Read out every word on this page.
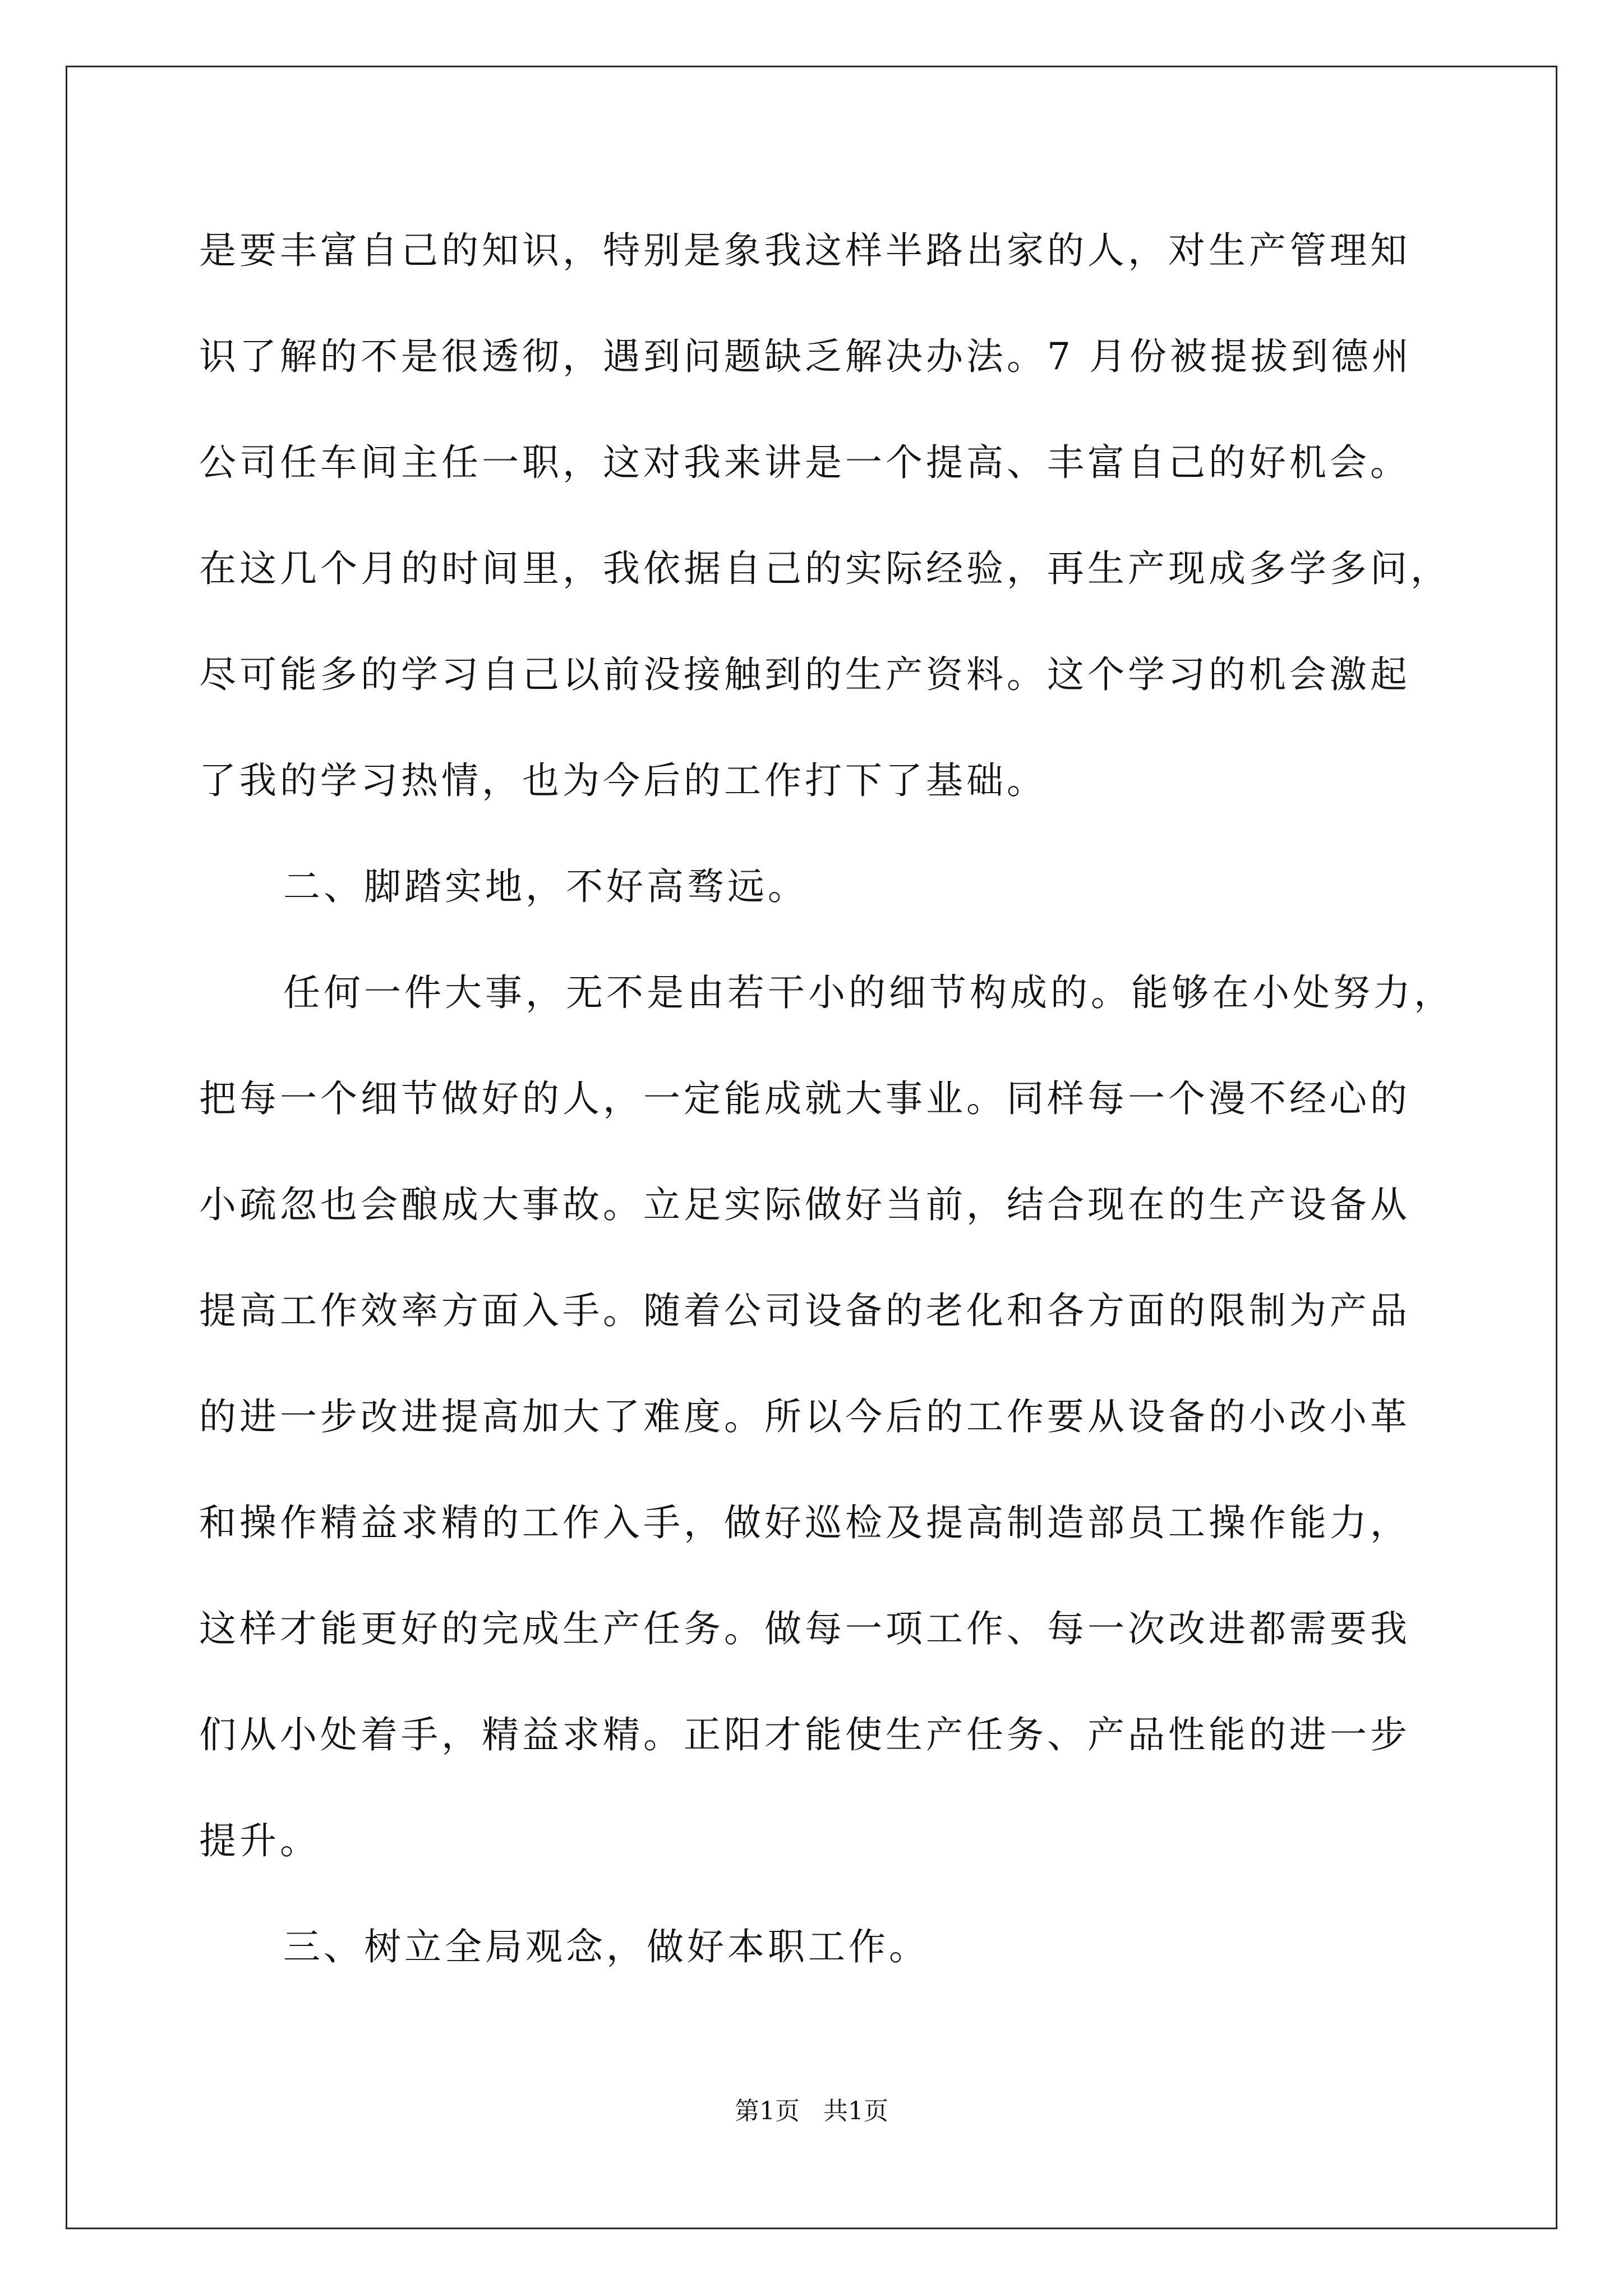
是要丰富自己的知识，特别是象我这样半路出家的人，对生产管理知
识了解的不是很透彻，遇到问题缺乏解决办法。7 月份被提拔到德州
公司任车间主任一职，这对我来讲是一个提高、丰富自己的好机会。
在这几个月的时间里，我依据自己的实际经验，再生产现成多学多问，
尽可能多的学习自己以前没接触到的生产资料。这个学习的机会激起
了我的学习热情，也为今后的工作打下了基础。
二、脚踏实地，不好高骛远。
任何一件大事，无不是由若干小的细节构成的。能够在小处努力，
把每一个细节做好的人，一定能成就大事业。同样每一个漫不经心的
小疏忽也会酿成大事故。立足实际做好当前，结合现在的生产设备从
提高工作效率方面入手。随着公司设备的老化和各方面的限制为产品
的进一步改进提高加大了难度。所以今后的工作要从设备的小改小革
和操作精益求精的工作入手，做好巡检及提高制造部员工操作能力，
这样才能更好的完成生产任务。做每一项工作、每一次改进都需要我
们从小处着手，精益求精。正阳才能使生产任务、产品性能的进一步
提升。
三、树立全局观念，做好本职工作。
第1页 共1页
